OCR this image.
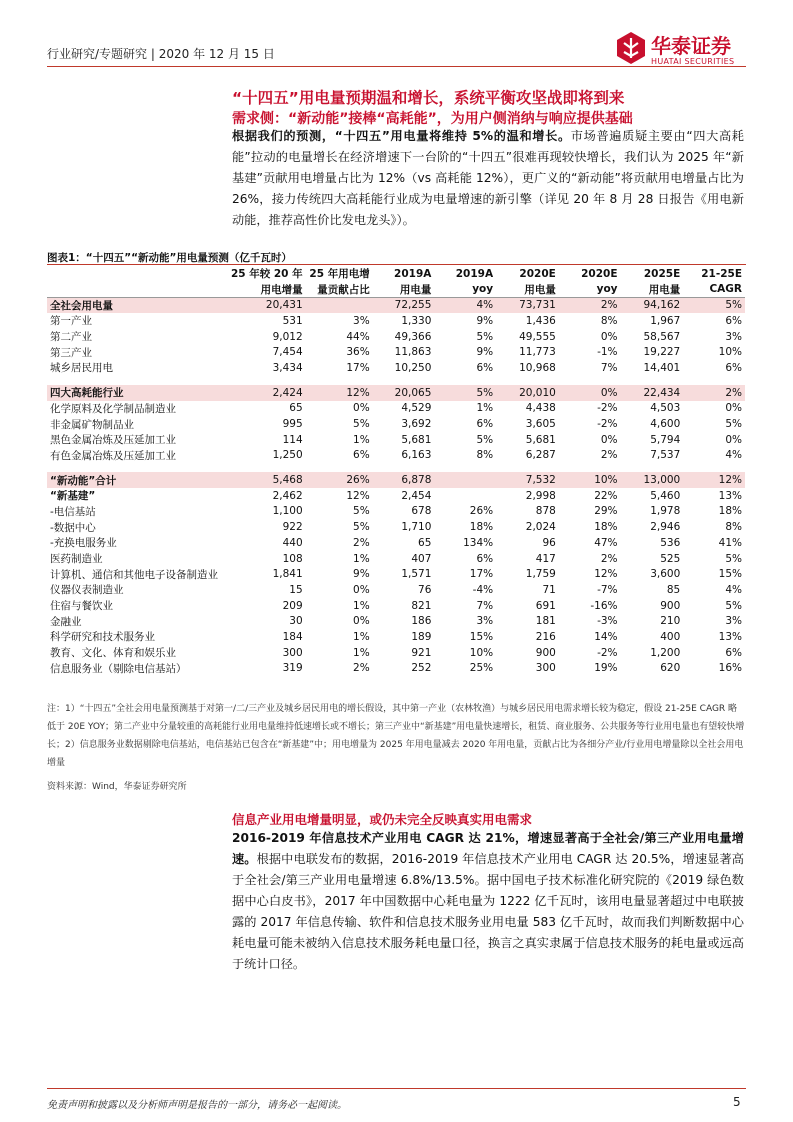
行业研究/专题研究 | 2020 年 12 月 15 日	华泰证券
HUATAI SECURITIES
“十四五”用电量预期温和增长，系统平衡攻坚战即将到来
需求侧：“新动能”接棒“高耗能”，为用户侧消纳与响应提供基础
根据我们的预测，“十四五”用电量将维持 5%的温和增长。市场普遍质疑主要由“四大高耗能”拉动的电量增长在经济增速下一台阶的“十四五”很难再现较快增长，我们认为 2025 年“新基建”贡献用电增量占比为 12%（vs 高耗能 12%），更广义的“新动能”将贡献用电增量占比为 26%，接力传统四大高耗能行业成为电量增速的新引擎（详见 20 年 8 月 28 日报告《用电新动能，推荐高性价比发电龙头》）。
图表1：“十四五”“新动能”用电量预测（亿千瓦时）
	25 年较 20 年	25 年用电增	2019A	2019A	2020E	2020E	2025E	21-25E
	用电增量	量贡献占比	用电量	yoy	用电量	yoy	用电量	CAGR
全社会用电量	20,431		72,255	4%	73,731	2%	94,162	5%
第一产业	531	3%	1,330	9%	1,436	8%	1,967	6%
第二产业	9,012	44%	49,366	5%	49,555	0%	58,567	3%
第三产业	7,454	36%	11,863	9%	11,773	-1%	19,227	10%
城乡居民用电	3,434	17%	10,250	6%	10,968	7%	14,401	6%

四大高耗能行业	2,424	12%	20,065	5%	20,010	0%	22,434	2%
化学原料及化学制品制造业	65	0%	4,529	1%	4,438	-2%	4,503	0%
非金属矿物制品业	995	5%	3,692	6%	3,605	-2%	4,600	5%
黑色金属冶炼及压延加工业	114	1%	5,681	5%	5,681	0%	5,794	0%
有色金属冶炼及压延加工业	1,250	6%	6,163	8%	6,287	2%	7,537	4%

“新动能”合计	5,468	26%	6,878		7,532	10%	13,000	12%
“新基建”	2,462	12%	2,454		2,998	22%	5,460	13%
-电信基站	1,100	5%	678	26%	878	29%	1,978	18%
-数据中心	922	5%	1,710	18%	2,024	18%	2,946	8%
-充换电服务业	440	2%	65	134%	96	47%	536	41%
医药制造业	108	1%	407	6%	417	2%	525	5%
计算机、通信和其他电子设备制造业	1,841	9%	1,571	17%	1,759	12%	3,600	15%
仪器仪表制造业	15	0%	76	-4%	71	-7%	85	4%
住宿与餐饮业	209	1%	821	7%	691	-16%	900	5%
金融业	30	0%	186	3%	181	-3%	210	3%
科学研究和技术服务业	184	1%	189	15%	216	14%	400	13%
教育、文化、体育和娱乐业	300	1%	921	10%	900	-2%	1,200	6%
信息服务业（剔除电信基站）	319	2%	252	25%	300	19%	620	16%
注：1）“十四五”全社会用电量预测基于对第一/二/三产业及城乡居民用电的增长假设，其中第一产业（农林牧渔）与城乡居民用电需求增长较为稳定，假设 21-25E CAGR 略低于 20E YOY；第二产业中分量较重的高耗能行业用电量维持低速增长或不增长；第三产业中“新基建”用电量快速增长，租赁、商业服务、公共服务等行业用电量也有望较快增长；2）信息服务业数据剔除电信基站，电信基站已包含在“新基建”中；用电增量为 2025 年用电量减去 2020 年用电量，贡献占比为各细分产业/行业用电增量除以全社会用电增量
资料来源：Wind，华泰证券研究所
信息产业用电增量明显，或仍未完全反映真实用电需求
2016-2019 年信息技术产业用电 CAGR 达 21%，增速显著高于全社会/第三产业用电量增速。根据中电联发布的数据，2016-2019 年信息技术产业用电 CAGR 达 20.5%，增速显著高于全社会/第三产业用电量增速 6.8%/13.5%。据中国电子技术标准化研究院的《2019 绿色数据中心白皮书》，2017 年中国数据中心耗电量为 1222 亿千瓦时，该用电量显著超过中电联披露的 2017 年信息传输、软件和信息技术服务业用电量 583 亿千瓦时，故而我们判断数据中心耗电量可能未被纳入信息技术服务耗电量口径，换言之真实隶属于信息技术服务的耗电量或远高于统计口径。
免责声明和披露以及分析师声明是报告的一部分，请务必一起阅读。	5
